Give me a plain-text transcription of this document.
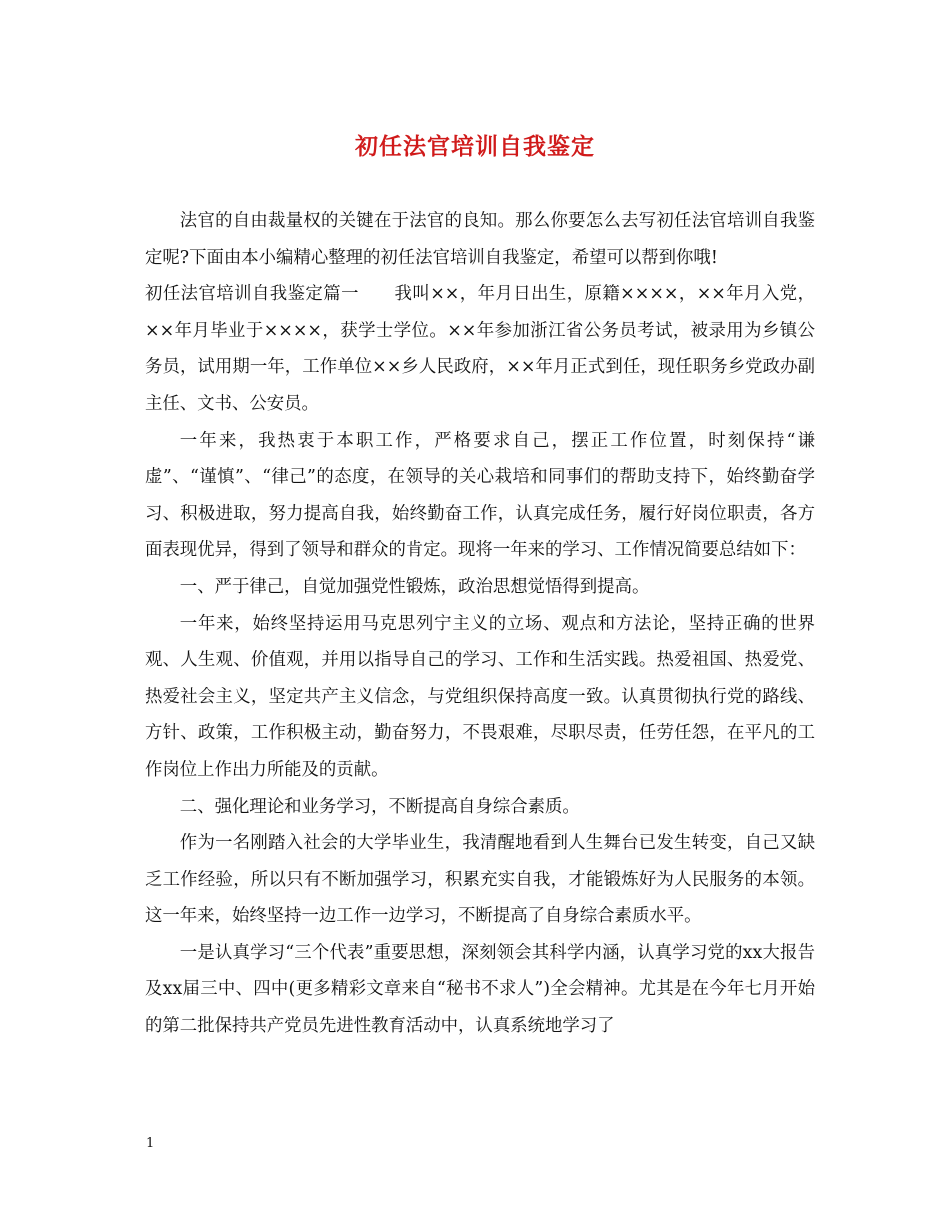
初任法官培训自我鉴定

法官的自由裁量权的关键在于法官的良知。那么你要怎么去写初任法官培训自我鉴定呢?下面由本小编精心整理的初任法官培训自我鉴定，希望可以帮到你哦!

初任法官培训自我鉴定篇一　　我叫××，年月日出生，原籍××××，××年月入党，××年月毕业于××××，获学士学位。××年参加浙江省公务员考试，被录用为乡镇公务员，试用期一年，工作单位××乡人民政府，××年月正式到任，现任职务乡党政办副主任、文书、公安员。

一年来，我热衷于本职工作，严格要求自己，摆正工作位置，时刻保持“谦虚”、“谨慎”、“律己”的态度，在领导的关心栽培和同事们的帮助支持下，始终勤奋学习、积极进取，努力提高自我，始终勤奋工作，认真完成任务，履行好岗位职责，各方面表现优异，得到了领导和群众的肯定。现将一年来的学习、工作情况简要总结如下：

一、严于律己，自觉加强党性锻炼，政治思想觉悟得到提高。

一年来，始终坚持运用马克思列宁主义的立场、观点和方法论，坚持正确的世界观、人生观、价值观，并用以指导自己的学习、工作和生活实践。热爱祖国、热爱党、热爱社会主义，坚定共产主义信念，与党组织保持高度一致。认真贯彻执行党的路线、方针、政策，工作积极主动，勤奋努力，不畏艰难，尽职尽责，任劳任怨，在平凡的工作岗位上作出力所能及的贡献。

二、强化理论和业务学习，不断提高自身综合素质。

作为一名刚踏入社会的大学毕业生，我清醒地看到人生舞台已发生转变，自己又缺乏工作经验，所以只有不断加强学习，积累充实自我，才能锻炼好为人民服务的本领。这一年来，始终坚持一边工作一边学习，不断提高了自身综合素质水平。

一是认真学习“三个代表”重要思想，深刻领会其科学内涵，认真学习党的xx大报告及xx届三中、四中(更多精彩文章来自“秘书不求人”)全会精神。尤其是在今年七月开始的第二批保持共产党员先进性教育活动中，认真系统地学习了

1
